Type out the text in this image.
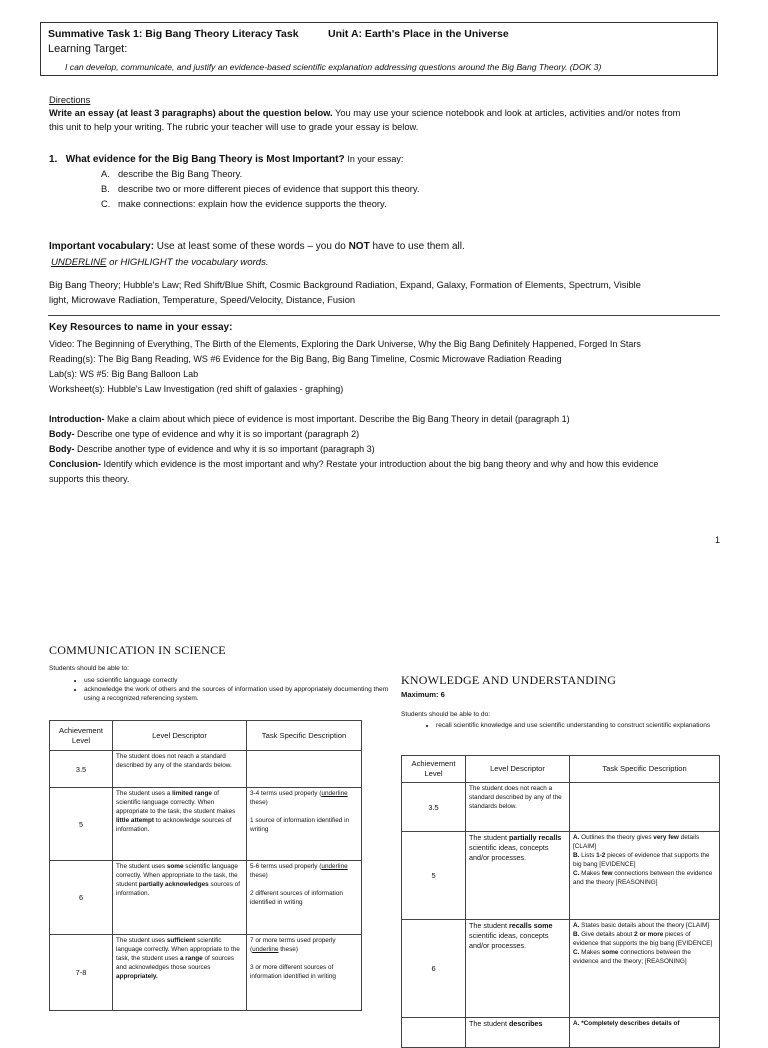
Summative Task 1: Big Bang Theory Literacy Task	Unit A: Earth's Place in the Universe
Learning Target:
I can develop, communicate, and justify an evidence-based scientific explanation addressing questions around the Big Bang Theory. (DOK 3)
Directions
Write an essay (at least 3 paragraphs) about the question below. You may use your science notebook and look at articles, activities and/or notes from
this unit to help your writing. The rubric your teacher will use to grade your essay is below.
1. What evidence for the Big Bang Theory is Most Important? In your essay:
A. describe the Big Bang Theory.
B. describe two or more different pieces of evidence that support this theory.
C. make connections: explain how the evidence supports the theory.
Important vocabulary: Use at least some of these words – you do NOT have to use them all.
UNDERLINE or HIGHLIGHT the vocabulary words.
Big Bang Theory; Hubble's Law; Red Shift/Blue Shift, Cosmic Background Radiation, Expand, Galaxy, Formation of Elements, Spectrum, Visible
light, Microwave Radiation, Temperature, Speed/Velocity, Distance, Fusion
Key Resources to name in your essay:
Video: The Beginning of Everything, The Birth of the Elements, Exploring the Dark Universe, Why the Big Bang Definitely Happened, Forged In Stars
Reading(s): The Big Bang Reading, WS #6 Evidence for the Big Bang, Big Bang Timeline, Cosmic Microwave Radiation Reading
Lab(s): WS #5: Big Bang Balloon Lab
Worksheet(s): Hubble's Law Investigation (red shift of galaxies - graphing)
Introduction- Make a claim about which piece of evidence is most important. Describe the Big Bang Theory in detail (paragraph 1)
Body- Describe one type of evidence and why it is so important (paragraph 2)
Body- Describe another type of evidence and why it is so important (paragraph 3)
Conclusion- Identify which evidence is the most important and why? Restate your introduction about the big bang theory and why and how this evidence
supports this theory.
1
COMMUNICATION IN SCIENCE
Students should be able to:
• use scientific language correctly
• acknowledge the work of others and the sources of information used by appropriately documenting them using a recognized referencing system.
Achievement Level	Level Descriptor	Task Specific Description
3.5	The student does not reach a standard described by any of the standards below.	
5	The student uses a limited range of scientific language correctly. When appropriate to the task, the student makes little attempt to acknowledge sources of information.	3-4 terms used properly (underline these)

1 source of information identified in writing
6	The student uses some scientific language correctly. When appropriate to the task, the student partially acknowledges sources of information.	5-6 terms used properly (underline these)

2 different sources of information identified in writing
7-8	The student uses sufficient scientific language correctly. When appropriate to the task, the student uses a range of sources and acknowledges those sources appropriately.	7 or more terms used properly (underline these)

3 or more different sources of information identified in writing
KNOWLEDGE AND UNDERSTANDING
Maximum: 6
Students should be able to do:
• recall scientific knowledge and use scientific understanding to construct scientific explanations
Achievement Level	Level Descriptor	Task Specific Description
3.5	The student does not reach a standard described by any of the standards below.	
5	The student partially recalls scientific ideas, concepts and/or processes.	A. Outlines the theory gives very few details [CLAIM]
B. Lists 1-2 pieces of evidence that supports the big bang [EVIDENCE]
C. Makes few connections between the evidence and the theory [REASONING]

6	The student recalls some scientific ideas, concepts and/or processes.	A. States basic details about the theory [CLAIM]
B. Give details about 2 or more pieces of evidence that supports the big bang [EVIDENCE]
C. Makes some connections between the evidence and the theory; [REASONING]

	The student describes	A. *Completely describes details of
